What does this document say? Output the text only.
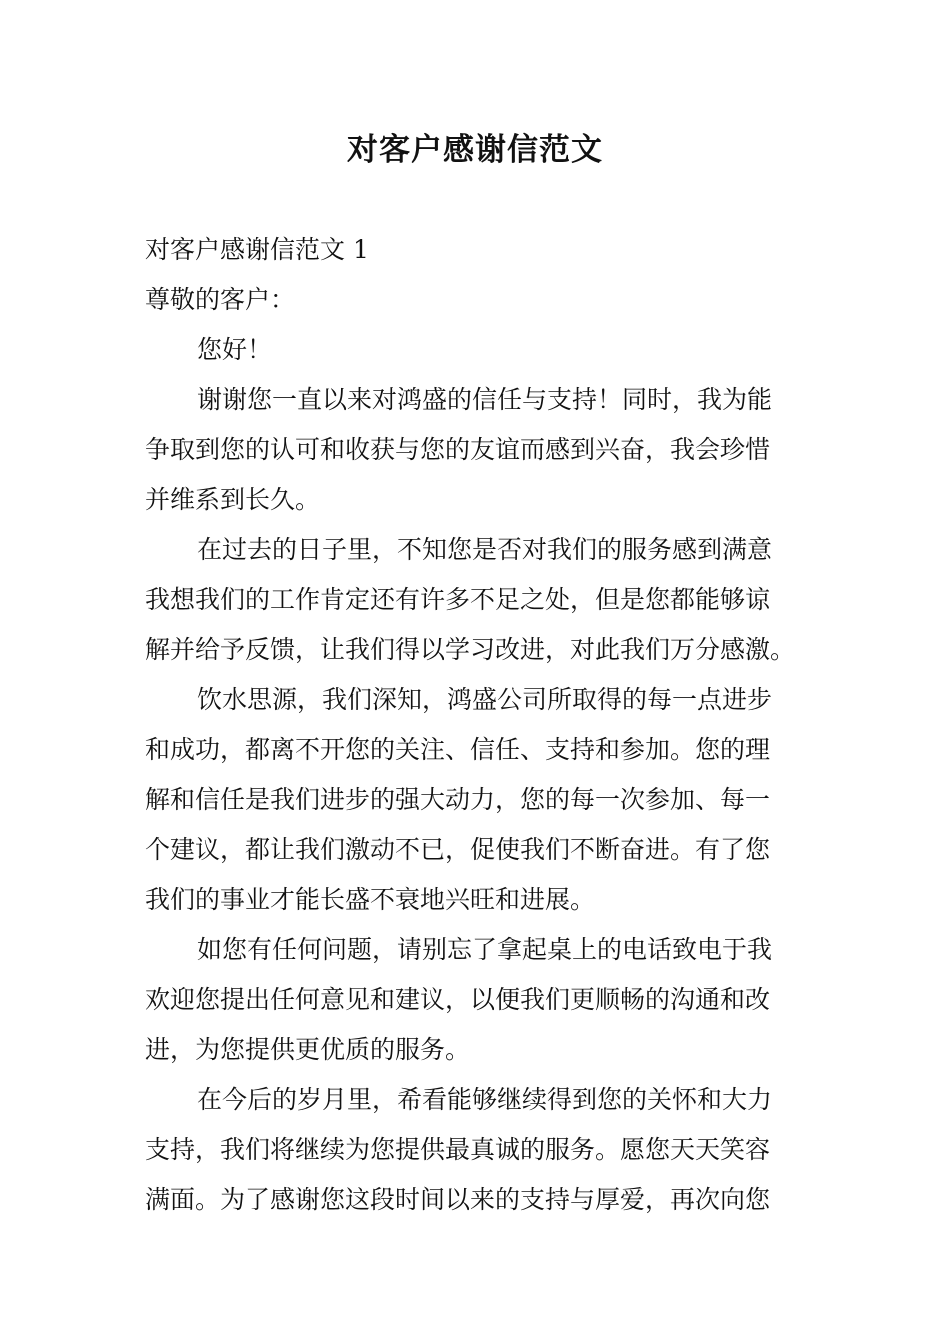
对客户感谢信范文
对客户感谢信范文 1
尊敬的客户：
您好！
谢谢您一直以来对鸿盛的信任与支持！同时，我为能
争取到您的认可和收获与您的友谊而感到兴奋，我会珍惜
并维系到长久。
在过去的日子里，不知您是否对我们的服务感到满意
我想我们的工作肯定还有许多不足之处，但是您都能够谅
解并给予反馈，让我们得以学习改进，对此我们万分感激。
饮水思源，我们深知，鸿盛公司所取得的每一点进步
和成功，都离不开您的关注、信任、支持和参加。您的理
解和信任是我们进步的强大动力，您的每一次参加、每一
个建议，都让我们激动不已，促使我们不断奋进。有了您
我们的事业才能长盛不衰地兴旺和进展。
如您有任何问题，请别忘了拿起桌上的电话致电于我
欢迎您提出任何意见和建议，以便我们更顺畅的沟通和改
进，为您提供更优质的服务。
在今后的岁月里，希看能够继续得到您的关怀和大力
支持，我们将继续为您提供最真诚的服务。愿您天天笑容
满面。为了感谢您这段时间以来的支持与厚爱，再次向您
